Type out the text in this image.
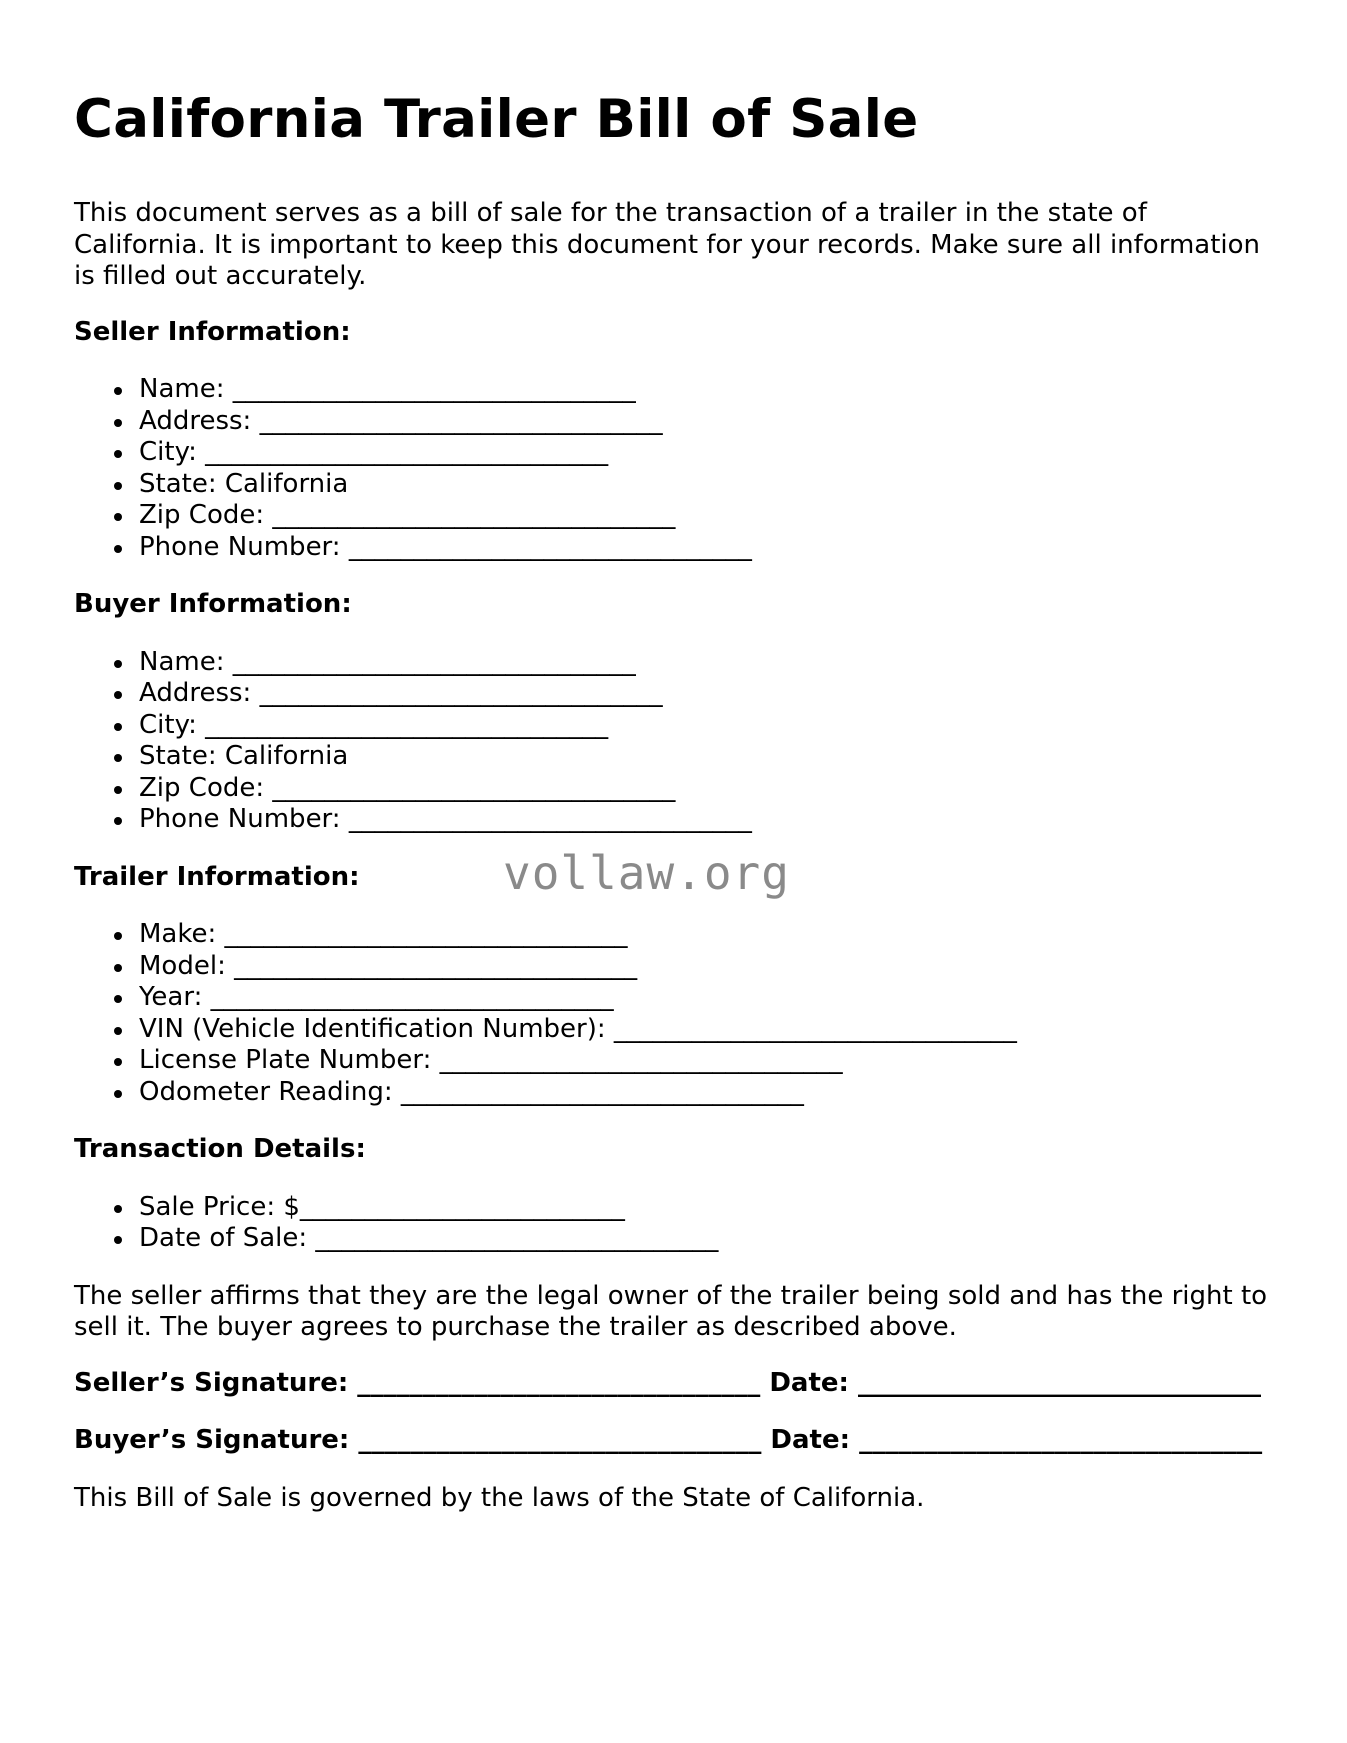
California Trailer Bill of Sale

This document serves as a bill of sale for the transaction of a trailer in the state of California. It is important to keep this document for your records. Make sure all information is filled out accurately.

Seller Information:
Name: _______________________________
Address: _______________________________
City: _______________________________
State: California
Zip Code: _______________________________
Phone Number: _______________________________
Buyer Information:
Name: _______________________________
Address: _______________________________
City: _______________________________
State: California
Zip Code: _______________________________
Phone Number: _______________________________
Trailer Information:
Make: _______________________________
Model: _______________________________
Year: _______________________________
VIN (Vehicle Identification Number): _______________________________
License Plate Number: _______________________________
Odometer Reading: _______________________________
Transaction Details:
Sale Price: $_________________________
Date of Sale: _______________________________

The seller affirms that they are the legal owner of the trailer being sold and has the right to sell it. The buyer agrees to purchase the trailer as described above.

Seller’s Signature: _______________________________ Date: _______________________________
Buyer’s Signature: _______________________________ Date: _______________________________

This Bill of Sale is governed by the laws of the State of California.

vollaw.org
